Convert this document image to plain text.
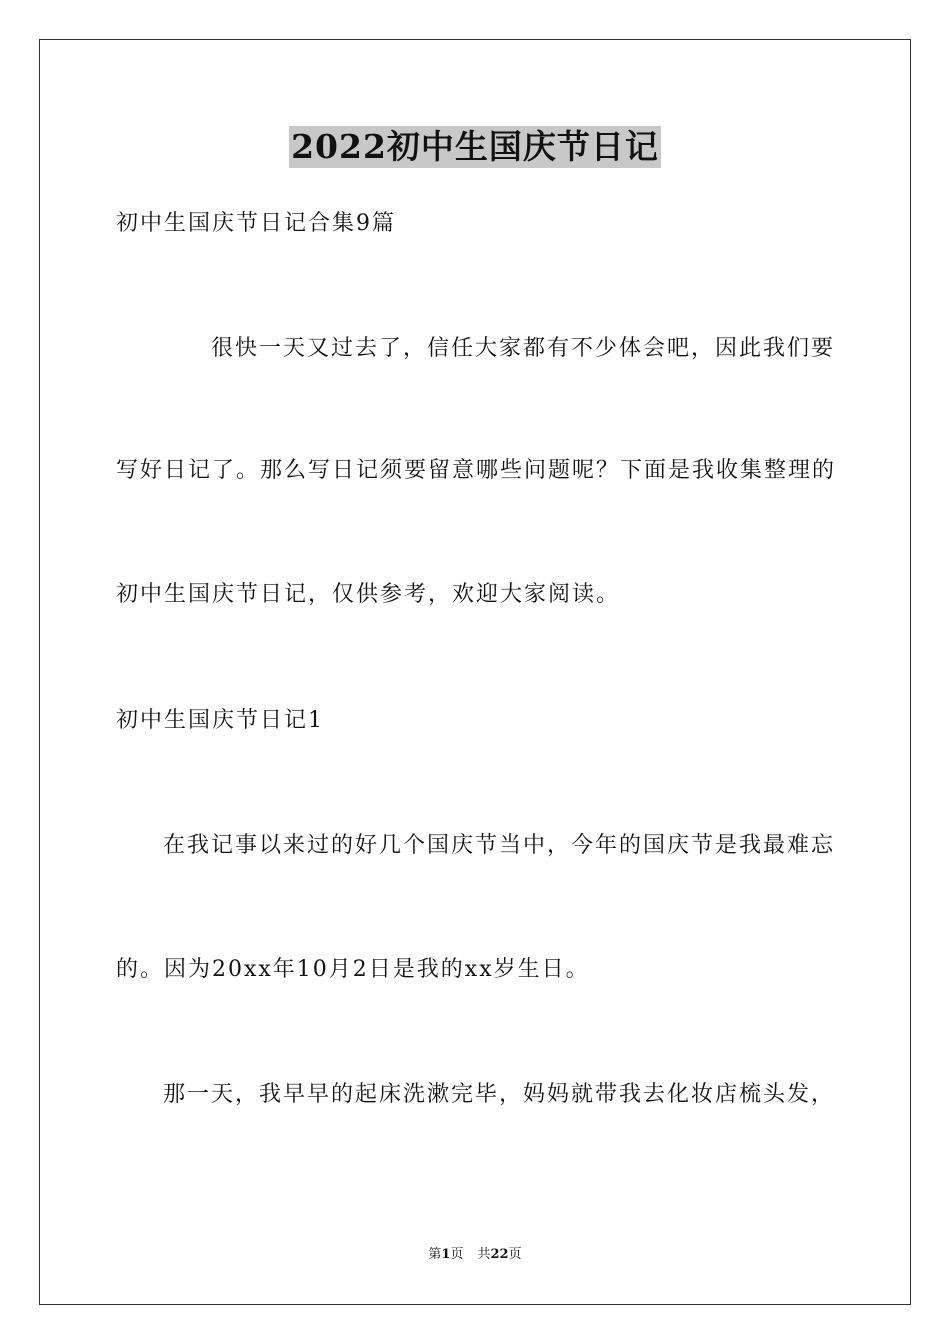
2022初中生国庆节日记
初中生国庆节日记合集9篇
很快一天又过去了，信任大家都有不少体会吧，因此我们要
写好日记了。那么写日记须要留意哪些问题呢？下面是我收集整理的
初中生国庆节日记，仅供参考，欢迎大家阅读。
初中生国庆节日记1
在我记事以来过的好几个国庆节当中，今年的国庆节是我最难忘
的。因为20xx年10月2日是我的xx岁生日。
那一天，我早早的起床洗漱完毕，妈妈就带我去化妆店梳头发，
第1页 共22页
